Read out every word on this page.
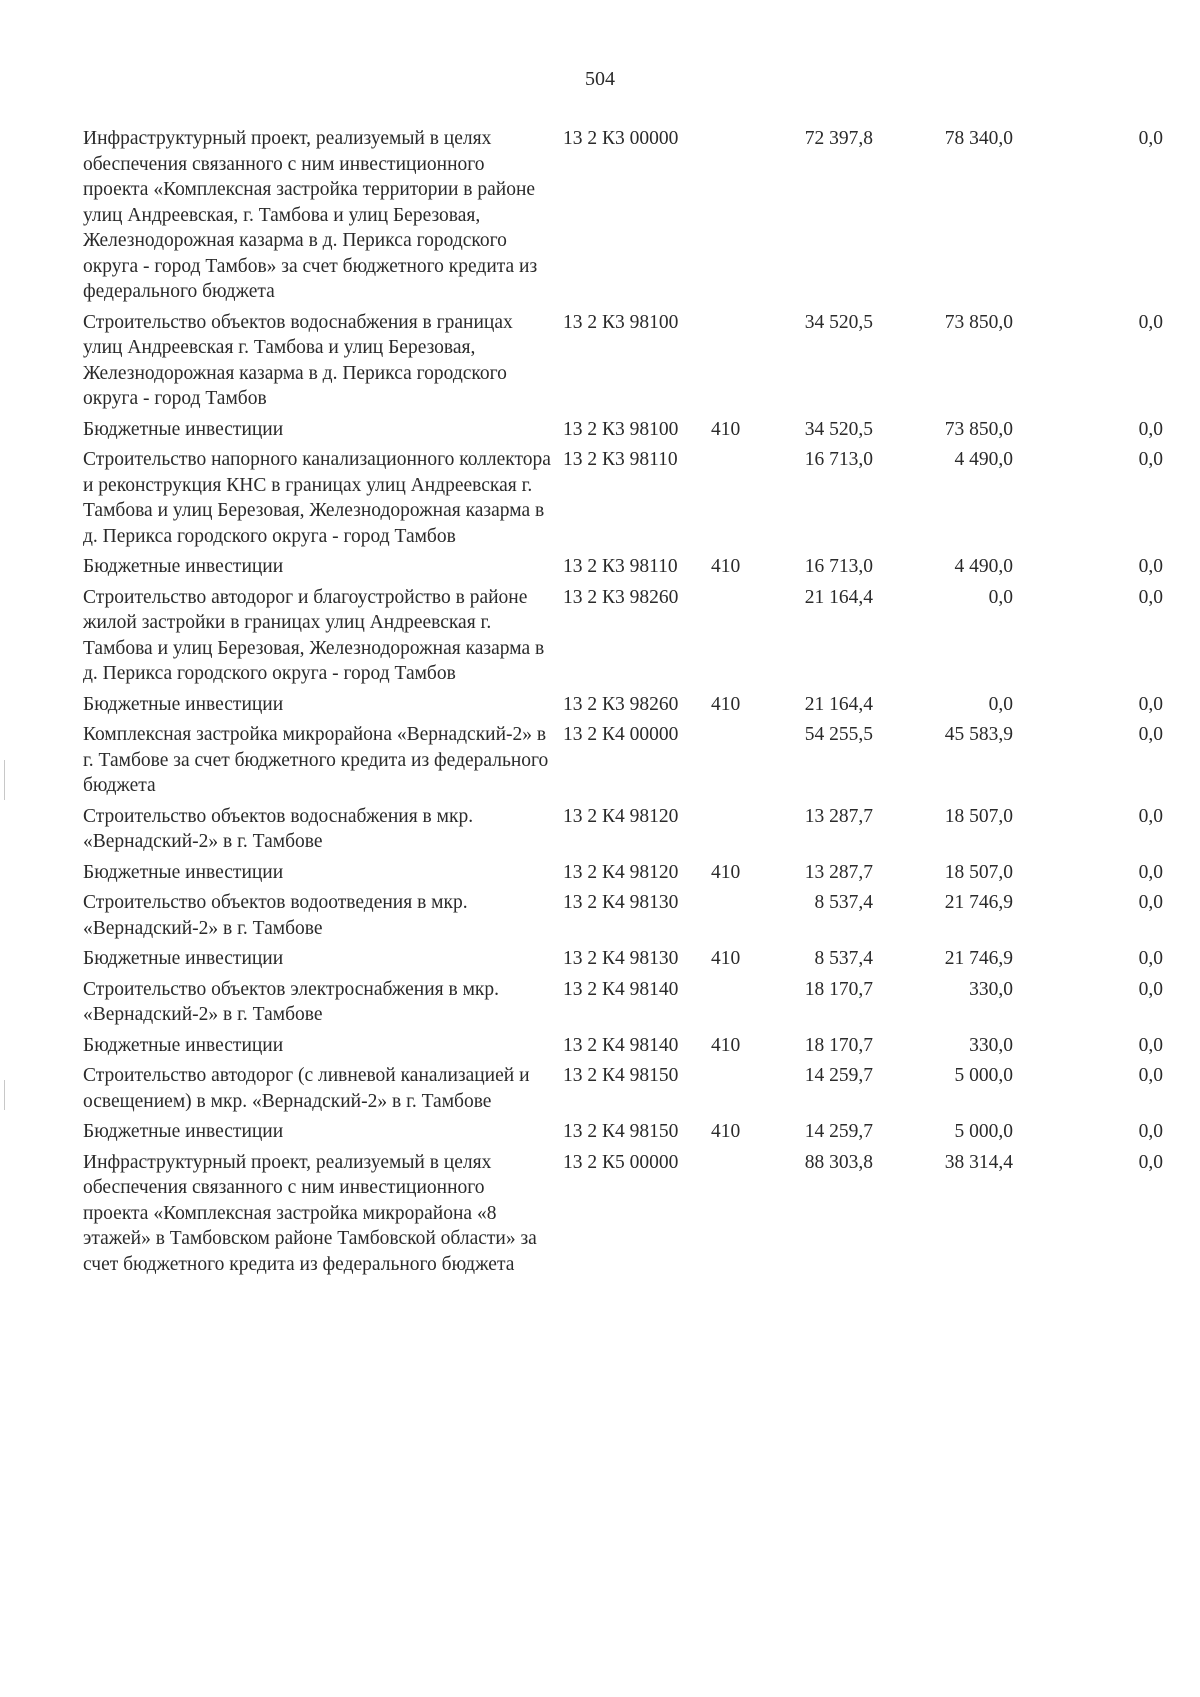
504
Инфраструктурный проект, реализуемый в целях обеспечения связанного с ним инвестиционного проекта «Комплексная застройка территории в районе улиц Андреевская, г. Тамбова и улиц Березовая, Железнодорожная казарма в д. Перикса городского округа - город Тамбов» за счет бюджетного кредита из федерального бюджета	13 2 К3 00000		72 397,8	78 340,0	0,0
Строительство объектов водоснабжения в границах улиц Андреевская г. Тамбова и улиц Березовая, Железнодорожная казарма в д. Перикса городского округа - город Тамбов	13 2 К3 98100		34 520,5	73 850,0	0,0
Бюджетные инвестиции	13 2 К3 98100	410	34 520,5	73 850,0	0,0
Строительство напорного канализационного коллектора и реконструкция КНС в границах улиц Андреевская г. Тамбова и улиц Березовая, Железнодорожная казарма в д. Перикса городского округа - город Тамбов	13 2 К3 98110		16 713,0	4 490,0	0,0
Бюджетные инвестиции	13 2 К3 98110	410	16 713,0	4 490,0	0,0
Строительство автодорог и благоустройство в районе жилой застройки в границах улиц Андреевская г. Тамбова и улиц Березовая, Железнодорожная казарма в д. Перикса городского округа - город Тамбов	13 2 К3 98260		21 164,4	0,0	0,0
Бюджетные инвестиции	13 2 К3 98260	410	21 164,4	0,0	0,0
Комплексная застройка микрорайона «Вернадский-2» в г. Тамбове за счет бюджетного кредита из федерального бюджета	13 2 К4 00000		54 255,5	45 583,9	0,0
Строительство объектов водоснабжения в мкр. «Вернадский-2» в г. Тамбове	13 2 К4 98120		13 287,7	18 507,0	0,0
Бюджетные инвестиции	13 2 К4 98120	410	13 287,7	18 507,0	0,0
Строительство объектов водоотведения в мкр. «Вернадский-2» в г. Тамбове	13 2 К4 98130		8 537,4	21 746,9	0,0
Бюджетные инвестиции	13 2 К4 98130	410	8 537,4	21 746,9	0,0
Строительство объектов электроснабжения в мкр. «Вернадский-2» в г. Тамбове	13 2 К4 98140		18 170,7	330,0	0,0
Бюджетные инвестиции	13 2 К4 98140	410	18 170,7	330,0	0,0
Строительство автодорог (с ливневой канализацией и освещением) в мкр. «Вернадский-2» в г. Тамбове	13 2 К4 98150		14 259,7	5 000,0	0,0
Бюджетные инвестиции	13 2 К4 98150	410	14 259,7	5 000,0	0,0
Инфраструктурный проект, реализуемый в целях обеспечения связанного с ним инвестиционного проекта «Комплексная застройка микрорайона «8 этажей» в Тамбовском районе Тамбовской области» за счет бюджетного кредита из федерального бюджета	13 2 К5 00000		88 303,8	38 314,4	0,0
